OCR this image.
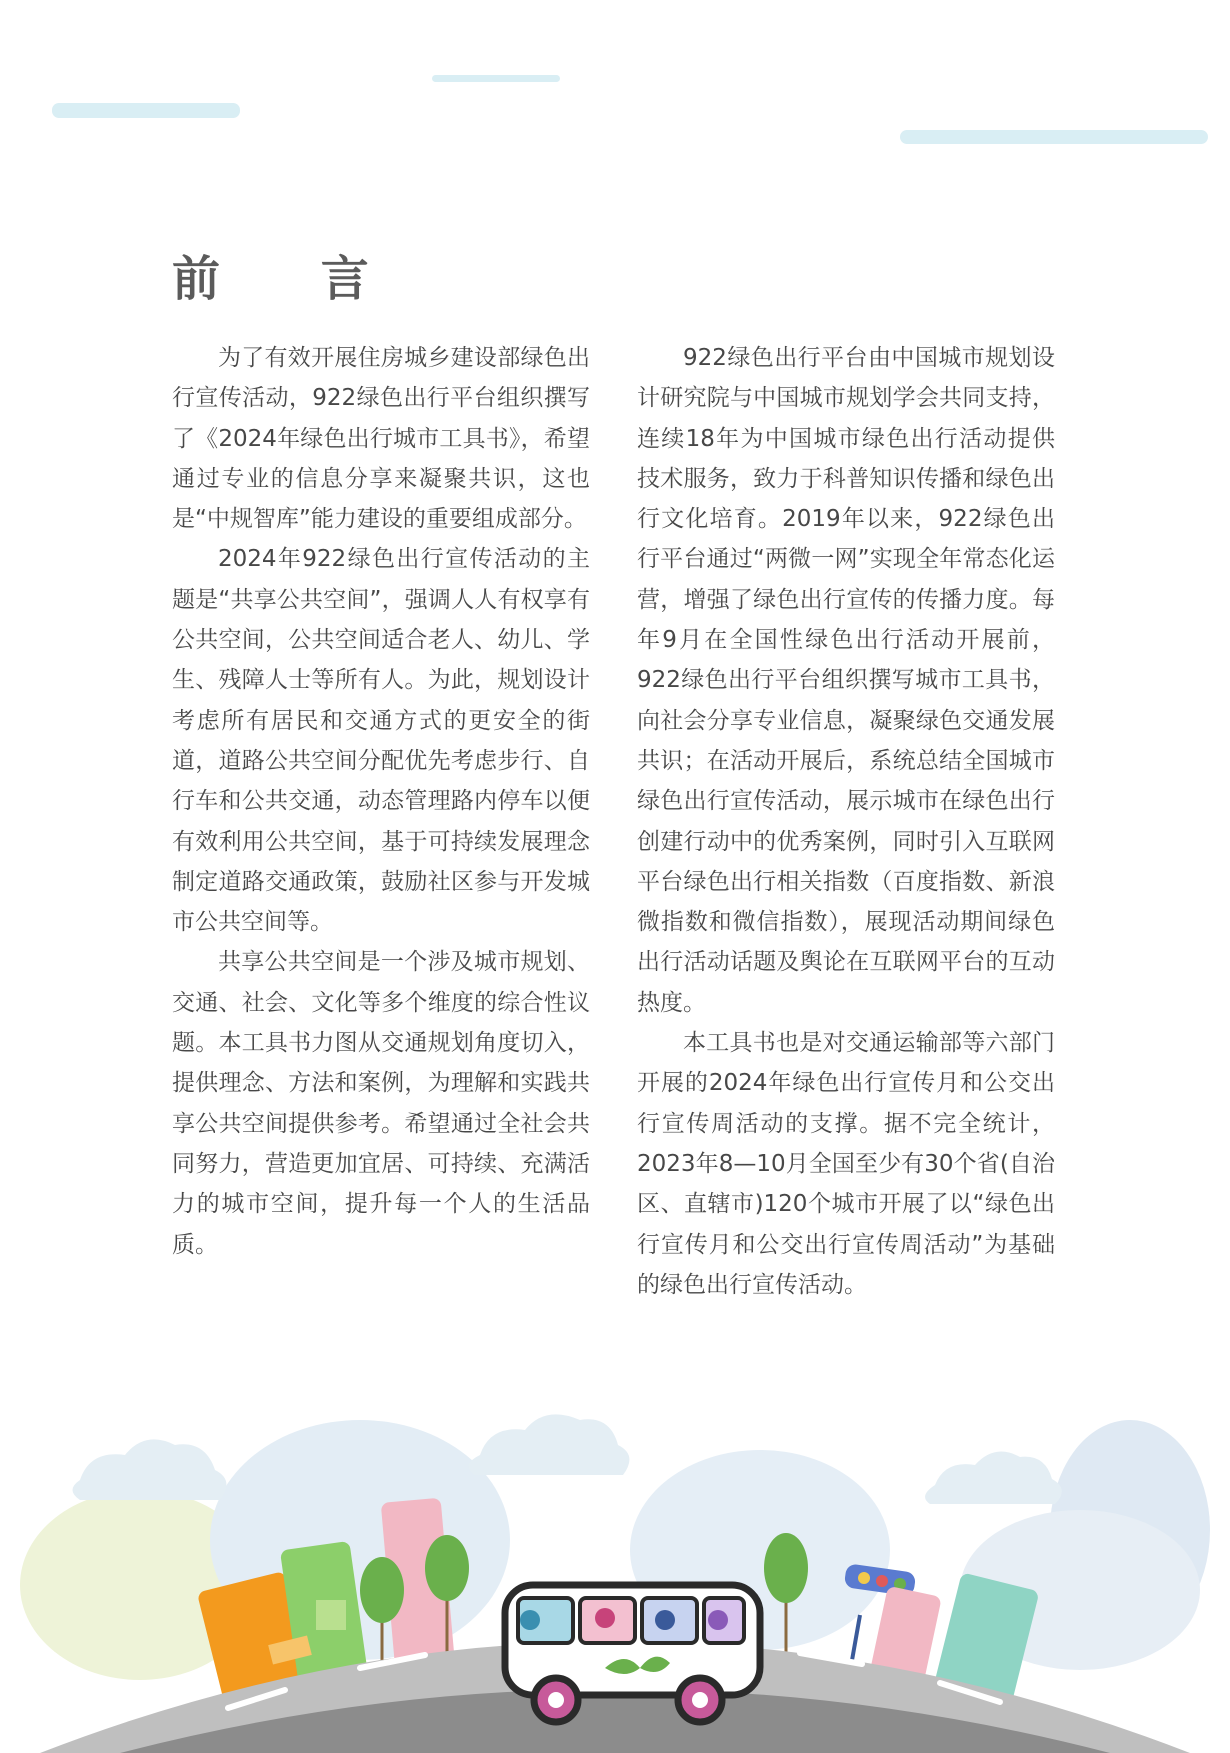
前 言

为了有效开展住房城乡建设部绿色出行宣传活动，922绿色出行平台组织撰写了《2024年绿色出行城市工具书》，希望通过专业的信息分享来凝聚共识，这也是“中规智库”能力建设的重要组成部分。

2024年922绿色出行宣传活动的主题是“共享公共空间”，强调人人有权享有公共空间，公共空间适合老人、幼儿、学生、残障人士等所有人。为此，规划设计考虑所有居民和交通方式的更安全的街道，道路公共空间分配优先考虑步行、自行车和公共交通，动态管理路内停车以便有效利用公共空间，基于可持续发展理念制定道路交通政策，鼓励社区参与开发城市公共空间等。

共享公共空间是一个涉及城市规划、交通、社会、文化等多个维度的综合性议题。本工具书力图从交通规划角度切入，提供理念、方法和案例，为理解和实践共享公共空间提供参考。希望通过全社会共同努力，营造更加宜居、可持续、充满活力的城市空间，提升每一个人的生活品质。

922绿色出行平台由中国城市规划设计研究院与中国城市规划学会共同支持，连续18年为中国城市绿色出行活动提供技术服务，致力于科普知识传播和绿色出行文化培育。2019年以来，922绿色出行平台通过“两微一网”实现全年常态化运营，增强了绿色出行宣传的传播力度。每年9月在全国性绿色出行活动开展前，922绿色出行平台组织撰写城市工具书，向社会分享专业信息，凝聚绿色交通发展共识；在活动开展后，系统总结全国城市绿色出行宣传活动，展示城市在绿色出行创建行动中的优秀案例，同时引入互联网平台绿色出行相关指数（百度指数、新浪微指数和微信指数），展现活动期间绿色出行活动话题及舆论在互联网平台的互动热度。

本工具书也是对交通运输部等六部门开展的2024年绿色出行宣传月和公交出行宣传周活动的支撑。据不完全统计，2023年8—10月全国至少有30个省(自治区、直辖市)120个城市开展了以“绿色出行宣传月和公交出行宣传周活动”为基础的绿色出行宣传活动。
